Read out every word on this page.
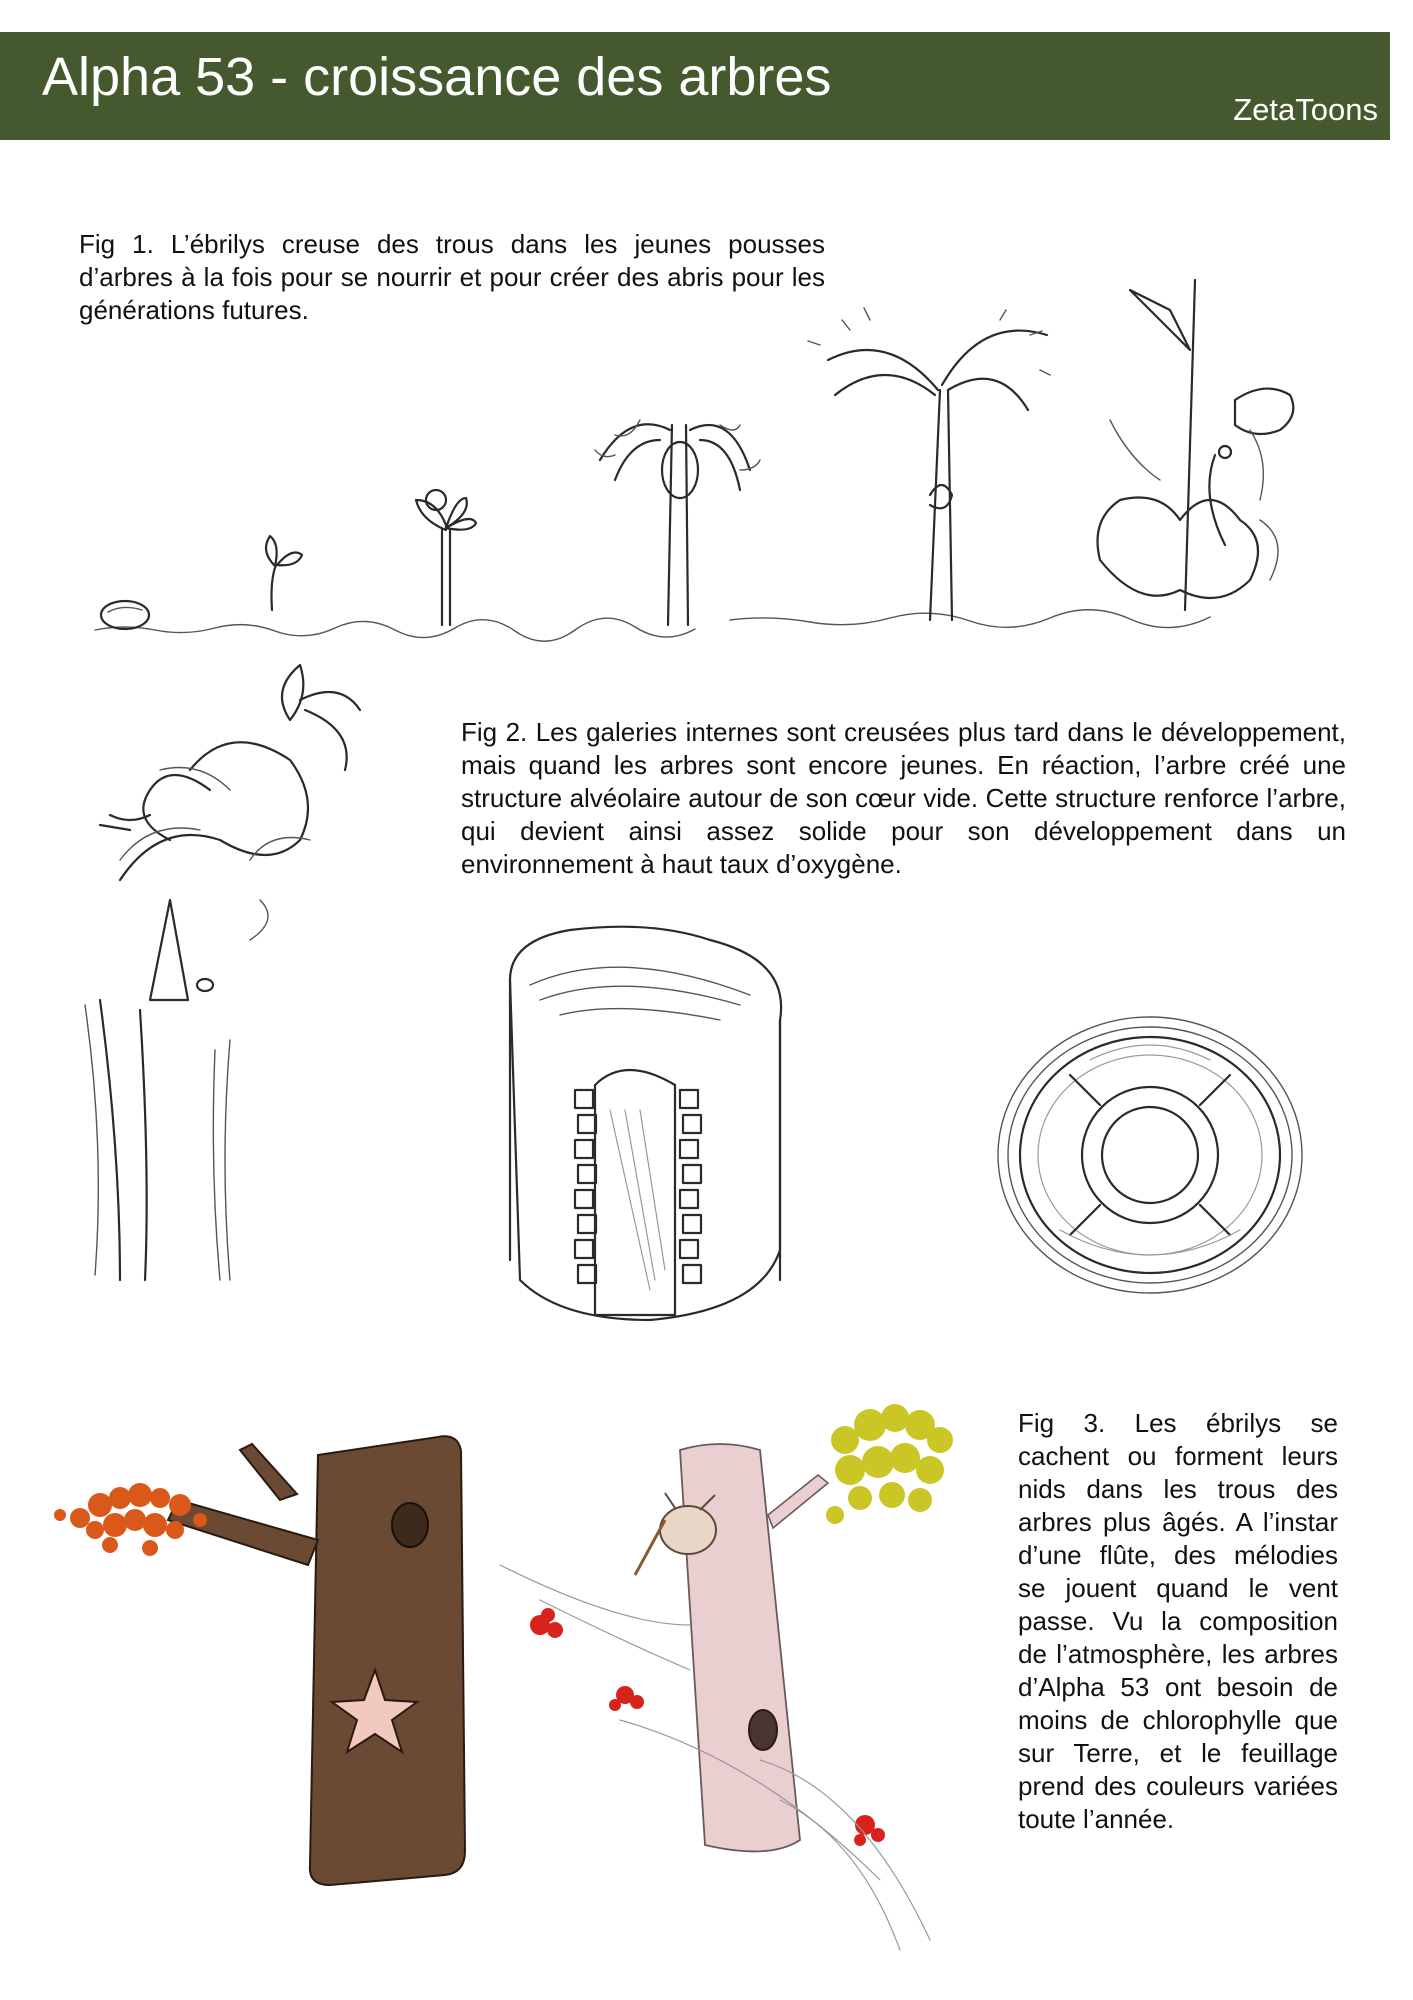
Alpha 53 - croissance des arbres
ZetaToons
Fig 1. L’ébrilys creuse des trous dans les jeunes pousses d’arbres à la fois pour se nourrir et pour créer des abris pour les générations futures.
Fig 2. Les galeries internes sont creusées plus tard dans le développement, mais quand les arbres sont encore jeunes. En réaction, l’arbre créé une structure alvéolaire autour de son cœur vide. Cette structure renforce l’arbre, qui devient ainsi assez solide pour son développement dans un environnement à haut taux d’oxygène.
Fig 3. Les ébrilys se cachent ou forment leurs nids dans les trous des arbres plus âgés. A l’instar d’une flûte, des mélodies se jouent quand le vent passe. Vu la composition de l’atmosphère, les arbres d’Alpha 53 ont besoin de moins de chlorophylle que sur Terre, et le feuillage prend des couleurs variées toute l’année.
